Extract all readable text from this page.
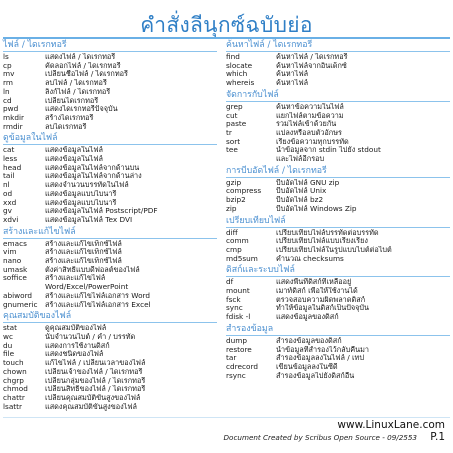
คำสั่งลีนุกซ์ฉบับย่อ
ไฟล์ / ไดเรกทอรี
ls	แสดงไฟล์ / ไดเรกทอรี
cp	คัดลอกไฟล์ / ไดเรกทอรี
mv	เปลี่ยนชื่อไฟล์ / ไดเรกทอรี
rm	ลบไฟล์ / ไดเรกทอรี
ln	ลิงก์ไฟล์ / ไดเรกทอรี
cd	เปลี่ยนไดเรกทอรี
pwd	แสดงไดเรกทอรีปัจจุบัน
mkdir	สร้างไดเรกทอรี
rmdir	ลบไดเรกทอรี
ดูข้อมูลในไฟล์
cat	แสดงข้อมูลในไฟล์
less	แสดงข้อมูลในไฟล์
head	แสดงข้อมูลในไฟล์จากด้านบน
tail	แสดงข้อมูลในไฟล์จากด้านล่าง
nl	แสดงจำนวนบรรทัดในไฟล์
od	แสดงข้อมูลแบบไบนารี
xxd	แสดงข้อมูลแบบไบนารี
gv	แสดงข้อมูลในไฟล์ Postscript/PDF
xdvi	แสดงข้อมูลในไฟล์ Tex DVI
สร้างและแก้ไขไฟล์
emacs	สร้างและแก้ไขเท็กซ์ไฟล์
vim	สร้างและแก้ไขเท็กซ์ไฟล์
nano	สร้างและแก้ไขเท็กซ์ไฟล์
umask	ตั้งค่าสิทธิ์แบบดีฟอลต์ของไฟล์
soffice	สร้างและแก้ไขไฟล์
Word/Excel/PowerPoint
abiword	สร้างและแก้ไขไฟล์เอกสาร Word
gnumeric	สร้างและแก้ไขไฟล์เอกสาร Excel
คุณสมบัติของไฟล์
stat	ดูคุณสมบัติของไฟล์
wc	นับจำนวนไบต์ / คำ / บรรทัด
du	แสดงการใช้งานดิสก์
file	แสดงชนิดของไฟล์
touch	แก้ไขไฟล์ / เปลี่ยนเวลาของไฟล์
chown	เปลี่ยนเจ้าของไฟล์ / ไดเรกทอรี
chgrp	เปลี่ยนกลุ่มของไฟล์ / ไดเรกทอรี
chmod	เปลี่ยนสิทธิ์ของไฟล์ / ไดเรกทอรี
chattr	เปลี่ยนคุณสมบัติขั้นสูงของไฟล์
lsattr	แสดงคุณสมบัติขั้นสูงของไฟล์
ค้นหาไฟล์ / ไดเรกทอรี
find	ค้นหาไฟล์ / ไดเรกทอรี
slocate	ค้นหาไฟล์จากอินเด็กซ์
which	ค้นหาไฟล์
whereis	ค้นหาไฟล์
จัดการกับไฟล์
grep	ค้นหาข้อความในไฟล์
cut	แยกไฟล์ตามข้อความ
paste	รวมไฟล์เข้าด้วยกัน
tr	แปลงหรือลบตัวอักษร
sort	เรียงข้อความทุกบรรทัด
tee	นำข้อมูลจาก stdin ไปยัง stdout
และไฟล์อีกรอบ
การบีบอัดไฟล์ / ไดเรกทอรี
gzip	บีบอัดไฟล์ GNU zip
compress	บีบอัดไฟล์ Unix
bzip2	บีบอัดไฟล์ bz2
zip	บีบอัดไฟล์ Windows Zip
เปรียบเทียบไฟล์
diff	เปรียบเทียบไฟล์บรรทัดต่อบรรทัด
comm	เปรียบเทียบไฟล์แบบเรียงเรียง
cmp	เปรียบเทียบไฟล์ในรูปแบบไบต์ต่อไบต์
md5sum	คำนวณ checksums
ดิสก์และระบบไฟล์
df	แสดงพื้นที่ดิสก์ที่เหลืออยู่
mount	เมาท์ดิสก์ เพื่อให้ใช้งานได้
fsck	ตรวจสอบความผิดพลาดดิสก์
sync	ทำให้ข้อมูลในดิสก์เป็นปัจจุบัน
fdisk -l	แสดงข้อมูลของดิสก์
สำรองข้อมูล
dump	สำรองข้อมูลของดิสก์
restore	นำข้อมูลที่สำรองไว้กลับคืนมา
tar	สำรองข้อมูลลงในไฟล์ / เทป
cdrecord	เขียนข้อมูลลงในซีดี
rsync	สำรองข้อมูลไปยังดิสก์อื่น
www.LinuxLane.com
Document Created by Scribus Open Source - 09/2553 P.1
